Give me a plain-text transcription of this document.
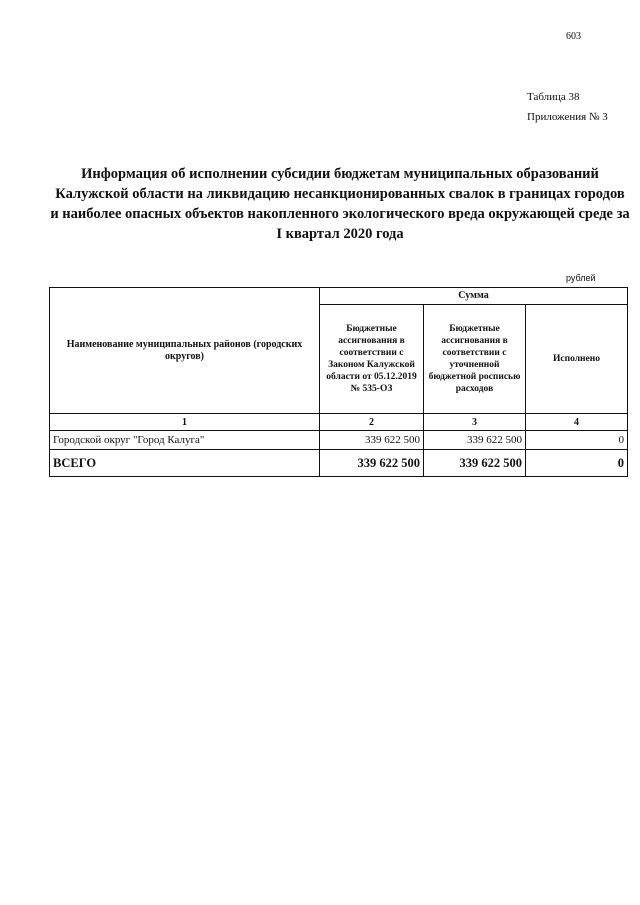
603
Таблица 38
Приложения № 3
Информация об исполнении субсидии бюджетам муниципальных образований Калужской области на ликвидацию несанкционированных свалок в границах городов и наиболее опасных объектов накопленного экологического вреда окружающей среде за I квартал 2020 года
рублей
Наименование муниципальных районов (городских округов)	Сумма		
	Бюджетные ассигнования в соответствии с Законом Калужской области от 05.12.2019 № 535-ОЗ	Бюджетные ассигнования в соответствии с уточненной бюджетной росписью расходов	Исполнено
1	2	3	4
Городской округ "Город Калуга"	339 622 500	339 622 500	0
ВСЕГО	339 622 500	339 622 500	0
